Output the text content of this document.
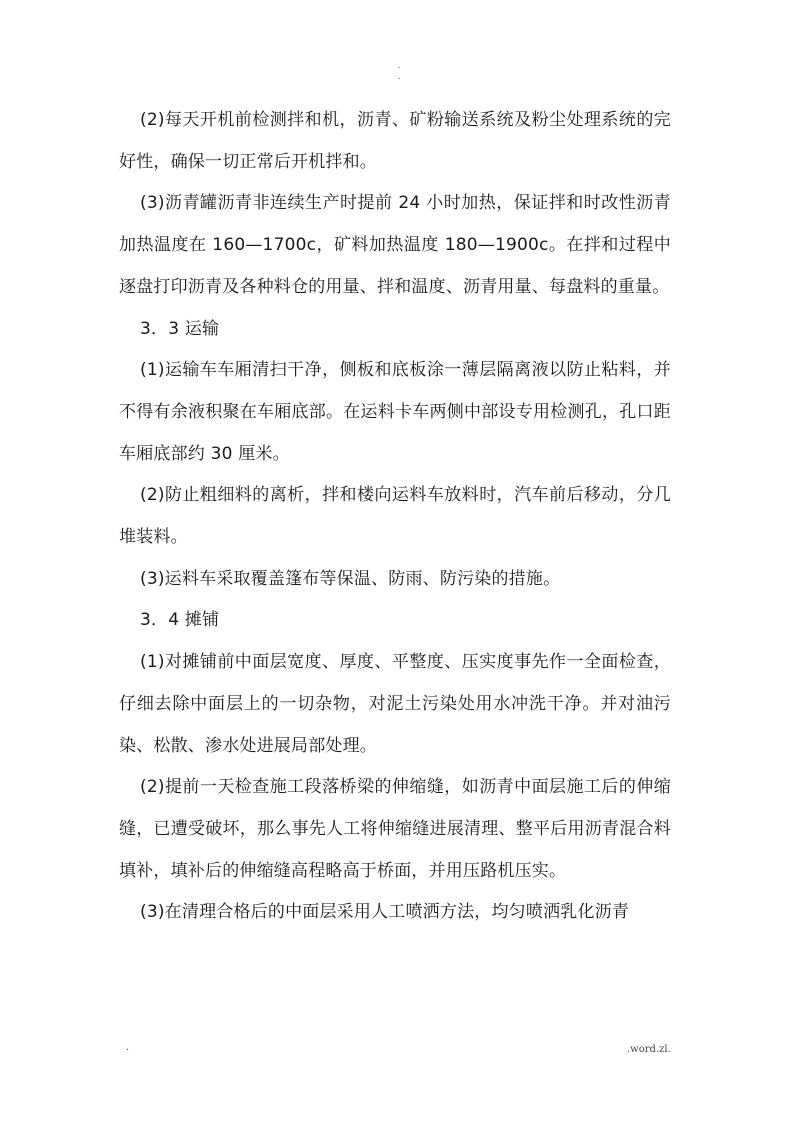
.
.

(2)每天开机前检测拌和机，沥青、矿粉输送系统及粉尘处理系统的完好性，确保一切正常后开机拌和。

(3)沥青罐沥青非连续生产时提前 24 小时加热，保证拌和时改性沥青加热温度在 160—1700c，矿料加热温度 180—1900c。在拌和过程中逐盘打印沥青及各种料仓的用量、拌和温度、沥青用量、每盘料的重量。

3．3 运输

(1)运输车车厢清扫干净，侧板和底板涂一薄层隔离液以防止粘料，并不得有余液积聚在车厢底部。在运料卡车两侧中部设专用检测孔，孔口距车厢底部约 30 厘米。

(2)防止粗细料的离析，拌和楼向运料车放料时，汽车前后移动，分几堆装料。

(3)运料车采取覆盖篷布等保温、防雨、防污染的措施。

3．4 摊铺

(1)对摊铺前中面层宽度、厚度、平整度、压实度事先作一全面检查，仔细去除中面层上的一切杂物，对泥土污染处用水冲洗干净。并对油污染、松散、渗水处进展局部处理。

(2)提前一天检查施工段落桥梁的伸缩缝，如沥青中面层施工后的伸缩缝，已遭受破坏，那么事先人工将伸缩缝进展清理、整平后用沥青混合料填补，填补后的伸缩缝高程略高于桥面，并用压路机压实。

(3)在清理合格后的中面层采用人工喷洒方法，均匀喷洒乳化沥青

.	.word.zl.
